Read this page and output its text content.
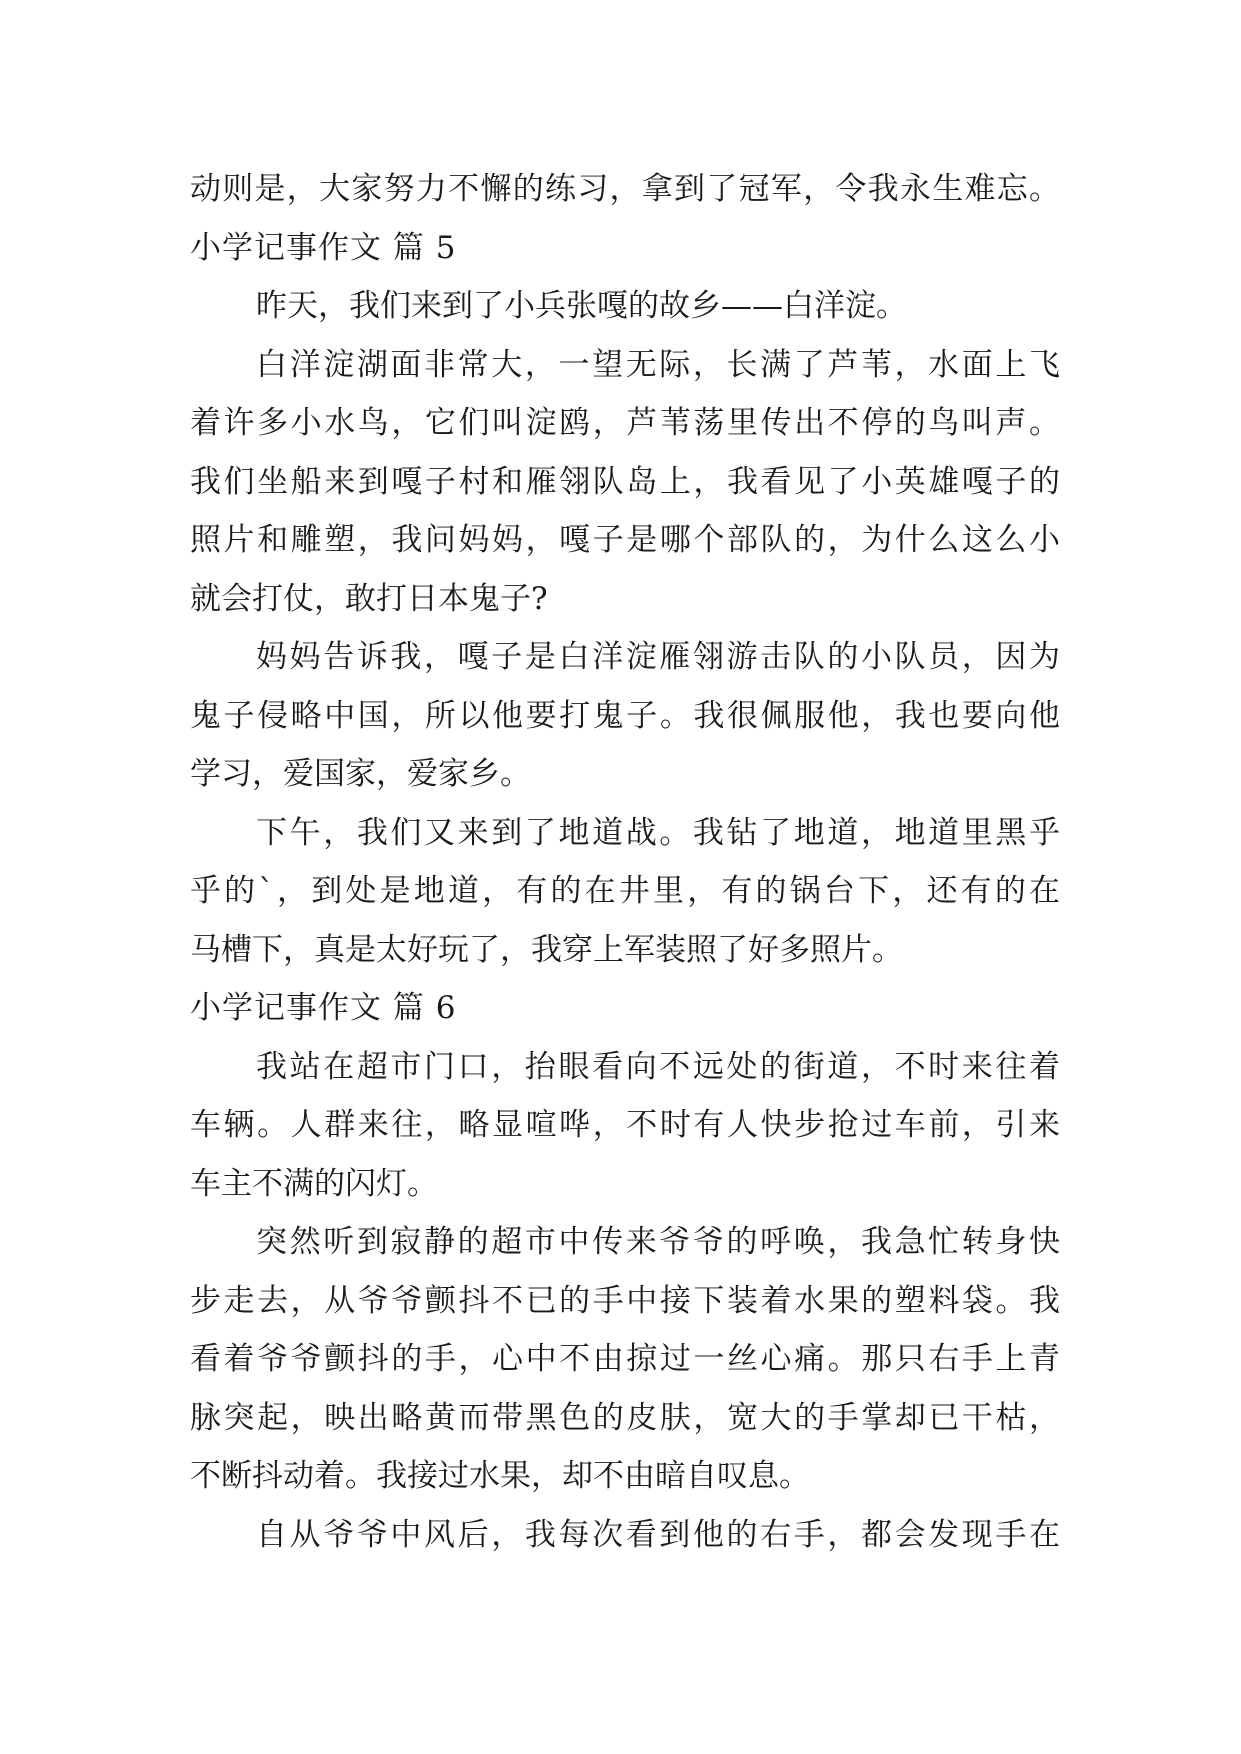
动则是，大家努力不懈的练习，拿到了冠军，令我永生难忘。
小学记事作文 篇 5
昨天，我们来到了小兵张嘎的故乡——白洋淀。
白洋淀湖面非常大，一望无际，长满了芦苇，水面上飞
着许多小水鸟，它们叫淀鸥，芦苇荡里传出不停的鸟叫声。
我们坐船来到嘎子村和雁翎队岛上，我看见了小英雄嘎子的
照片和雕塑，我问妈妈，嘎子是哪个部队的，为什么这么小
就会打仗，敢打日本鬼子?
妈妈告诉我，嘎子是白洋淀雁翎游击队的小队员，因为
鬼子侵略中国，所以他要打鬼子。我很佩服他，我也要向他
学习，爱国家，爱家乡。
下午，我们又来到了地道战。我钻了地道，地道里黑乎
乎的`，到处是地道，有的在井里，有的锅台下，还有的在
马槽下，真是太好玩了，我穿上军装照了好多照片。
小学记事作文 篇 6
我站在超市门口，抬眼看向不远处的街道，不时来往着
车辆。人群来往，略显喧哗，不时有人快步抢过车前，引来
车主不满的闪灯。
突然听到寂静的超市中传来爷爷的呼唤，我急忙转身快
步走去，从爷爷颤抖不已的手中接下装着水果的塑料袋。我
看着爷爷颤抖的手，心中不由掠过一丝心痛。那只右手上青
脉突起，映出略黄而带黑色的皮肤，宽大的手掌却已干枯，
不断抖动着。我接过水果，却不由暗自叹息。
自从爷爷中风后，我每次看到他的右手，都会发现手在
